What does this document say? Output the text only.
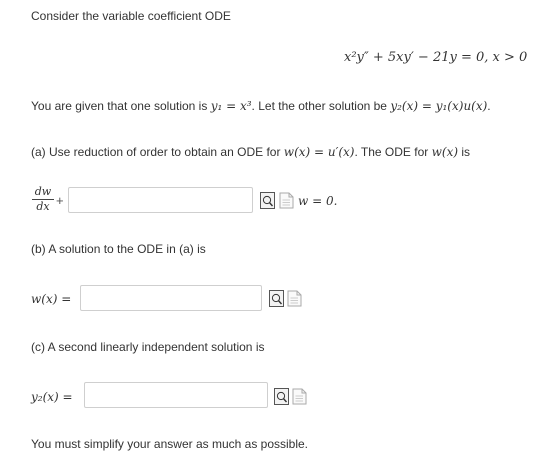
Consider the variable coefficient ODE
x²y″ + 5xy′ − 21y = 0, x > 0
You are given that one solution is y₁ = x³. Let the other solution be y₂(x) = y₁(x)u(x).
(a) Use reduction of order to obtain an ODE for w(x) = u′(x). The ODE for w(x) is
dw
dx +	w = 0.
(b) A solution to the ODE in (a) is
w(x) =
(c) A second linearly independent solution is
y₂(x) =
You must simplify your answer as much as possible.
